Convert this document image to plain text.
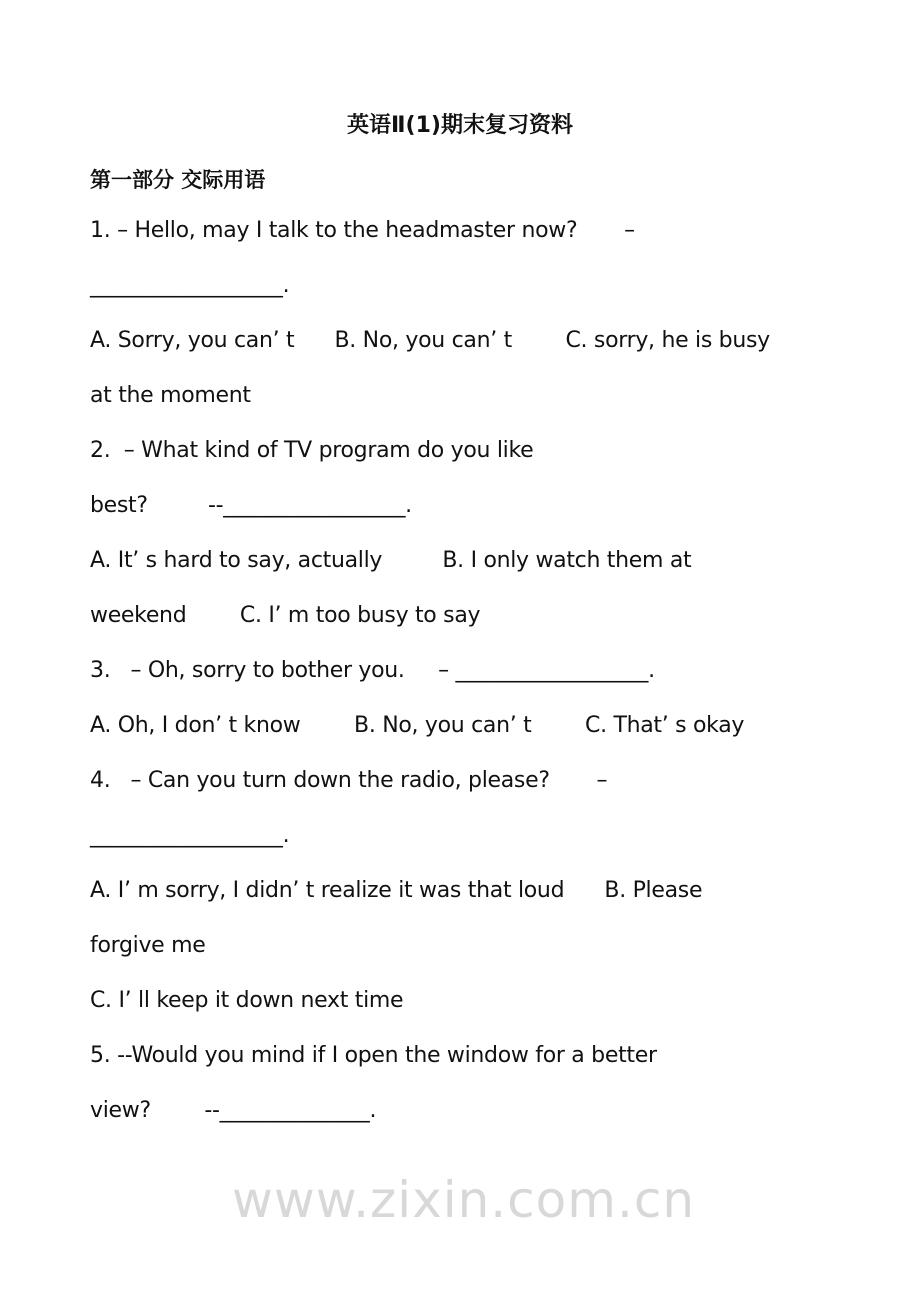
英语Ⅱ(1)期末复习资料
第一部分 交际用语
1. – Hello, may I talk to the headmaster now?       –
__________________.
A. Sorry, you can’ t      B. No, you can’ t        C. sorry, he is busy
at the moment
2.  – What kind of TV program do you like
best?         --_________________.
A. It’ s hard to say, actually         B. I only watch them at
weekend        C. I’ m too busy to say
3.   – Oh, sorry to bother you.     – __________________.
A. Oh, I don’ t know        B. No, you can’ t        C. That’ s okay
4.   – Can you turn down the radio, please?       –
__________________.
A. I’ m sorry, I didn’ t realize it was that loud      B. Please
forgive me
C. I’ ll keep it down next time
5. --Would you mind if I open the window for a better
view?        --______________.
www.zixin.com.cn
